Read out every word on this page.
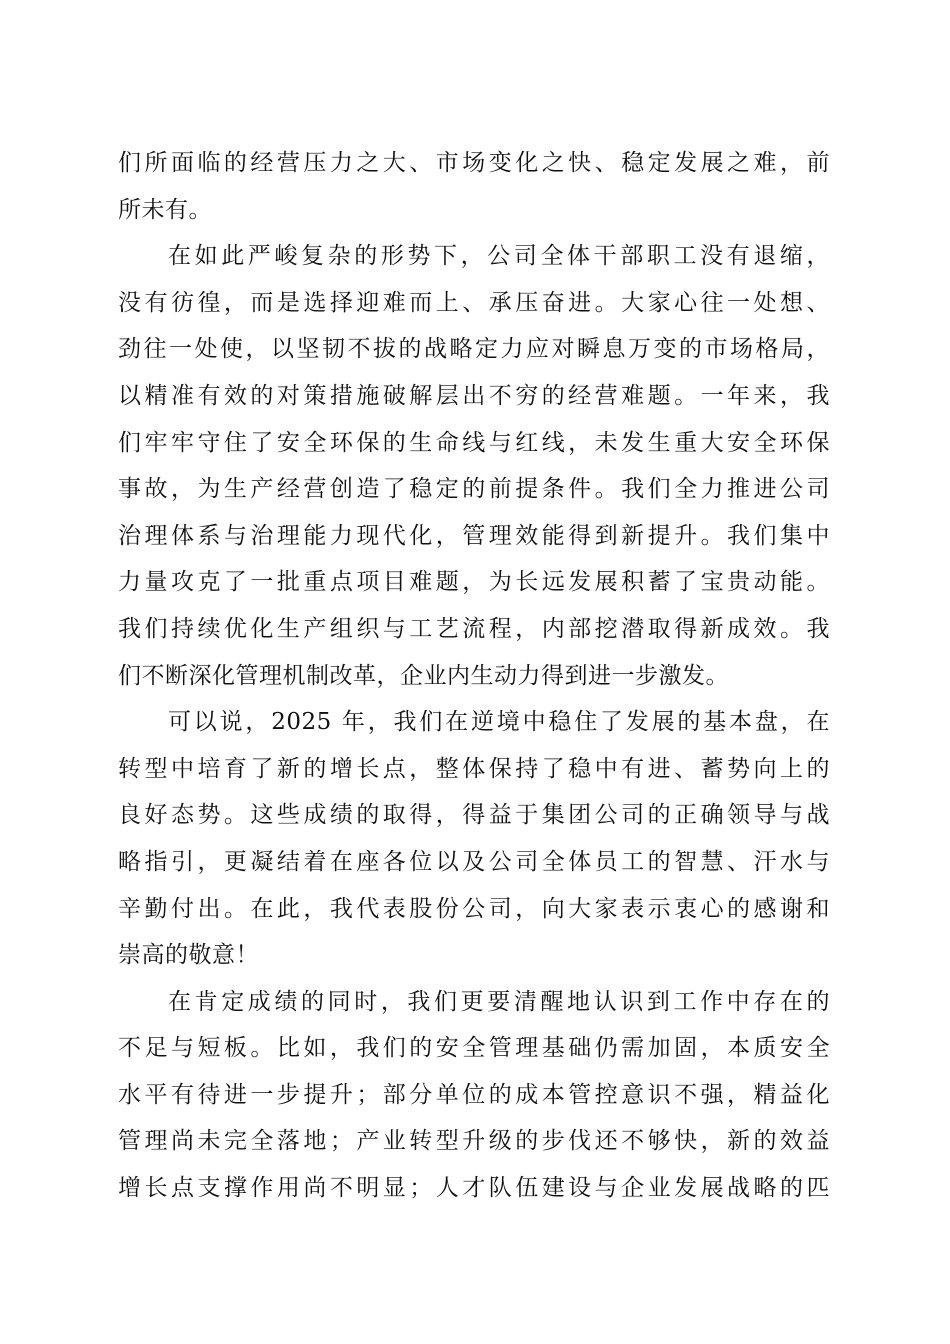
们所面临的经营压力之大、市场变化之快、稳定发展之难，前
所未有。
在如此严峻复杂的形势下，公司全体干部职工没有退缩，
没有彷徨，而是选择迎难而上、承压奋进。大家心往一处想、
劲往一处使，以坚韧不拔的战略定力应对瞬息万变的市场格局，
以精准有效的对策措施破解层出不穷的经营难题。一年来，我
们牢牢守住了安全环保的生命线与红线，未发生重大安全环保
事故，为生产经营创造了稳定的前提条件。我们全力推进公司
治理体系与治理能力现代化，管理效能得到新提升。我们集中
力量攻克了一批重点项目难题，为长远发展积蓄了宝贵动能。
我们持续优化生产组织与工艺流程，内部挖潜取得新成效。我
们不断深化管理机制改革，企业内生动力得到进一步激发。
可以说，2025 年，我们在逆境中稳住了发展的基本盘，在
转型中培育了新的增长点，整体保持了稳中有进、蓄势向上的
良好态势。这些成绩的取得，得益于集团公司的正确领导与战
略指引，更凝结着在座各位以及公司全体员工的智慧、汗水与
辛勤付出。在此，我代表股份公司，向大家表示衷心的感谢和
崇高的敬意！
在肯定成绩的同时，我们更要清醒地认识到工作中存在的
不足与短板。比如，我们的安全管理基础仍需加固，本质安全
水平有待进一步提升；部分单位的成本管控意识不强，精益化
管理尚未完全落地；产业转型升级的步伐还不够快，新的效益
增长点支撑作用尚不明显；人才队伍建设与企业发展战略的匹
